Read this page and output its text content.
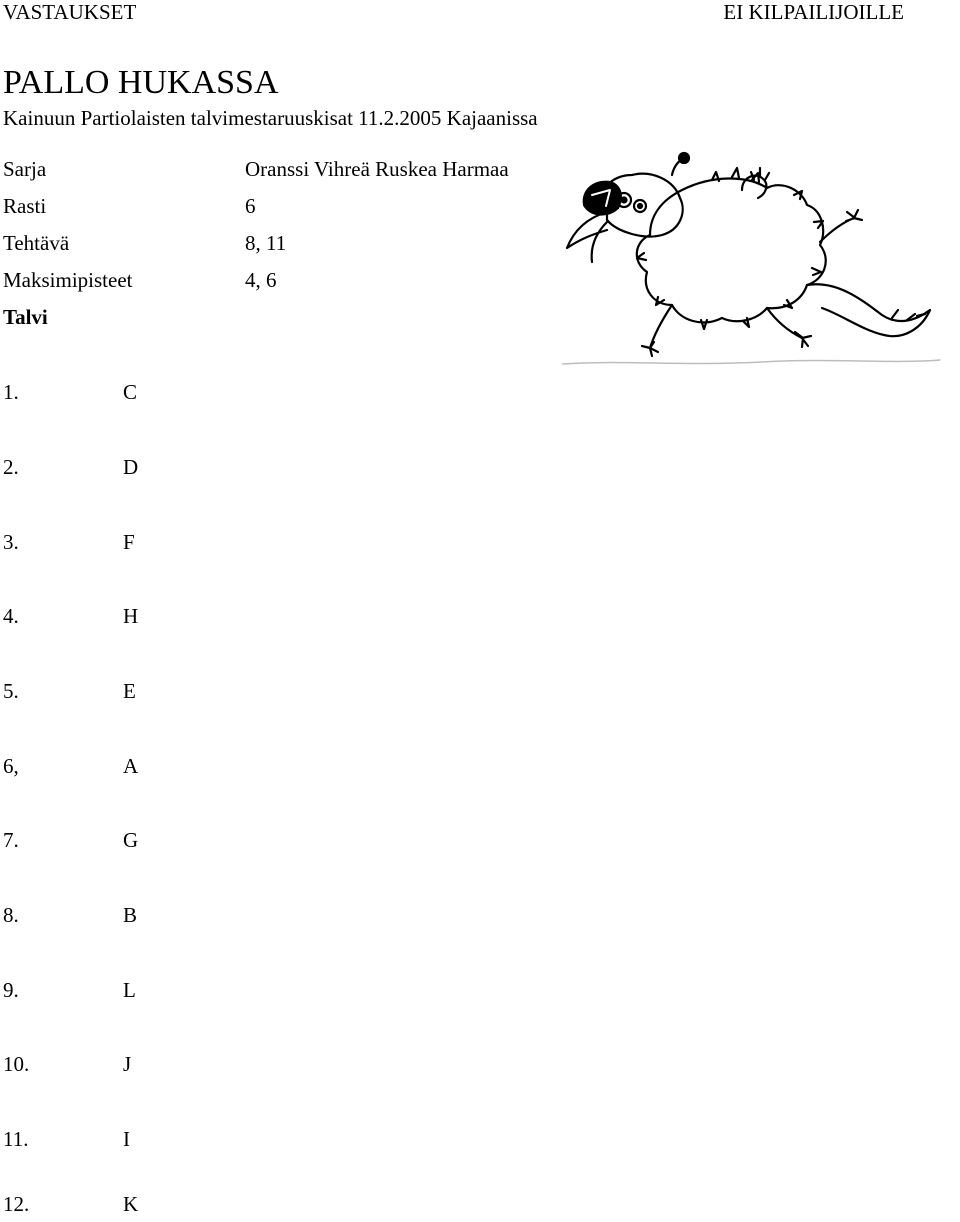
VASTAUKSET	EI KILPAILIJOILLE
PALLO HUKASSA
Kainuun Partiolaisten talvimestaruuskisat 11.2.2005 Kajaanissa
Sarja	Oranssi Vihreä Ruskea Harmaa
Rasti	6
Tehtävä	8, 11
Maksimipisteet	4, 6
Talvi
1.	C
2.	D
3.	F
4.	H
5.	E
6,	A
7.	G
8.	B
9.	L
10.	J
11.	I
12.	K
